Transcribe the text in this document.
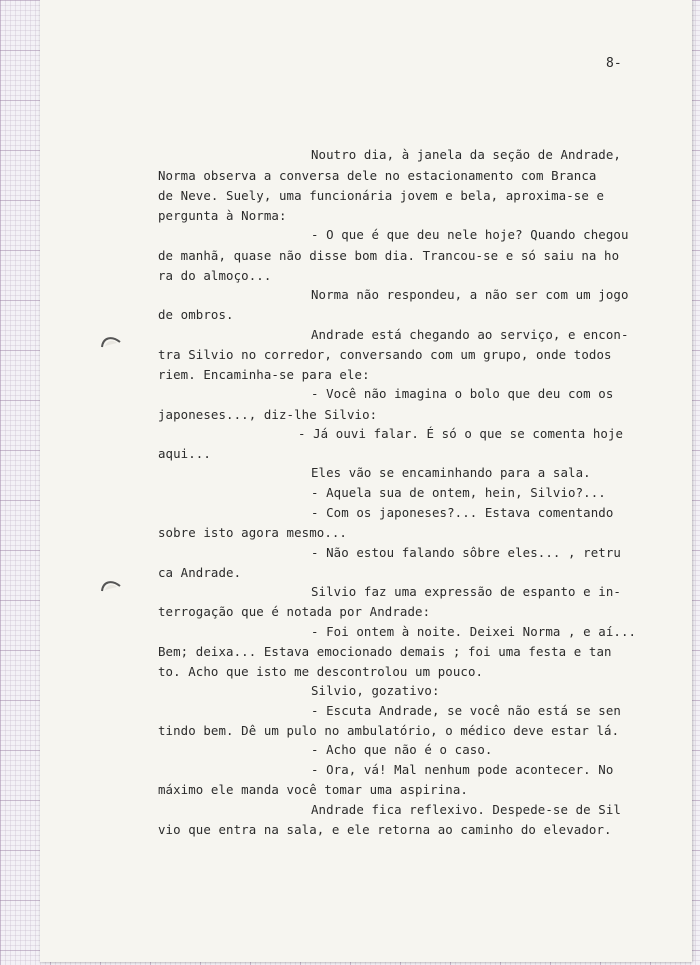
8-

Noutro dia, à janela da seção de Andrade,

Norma observa a conversa dele no estacionamento com Branca

de Neve. Suely, uma funcionária jovem e bela, aproxima-se e

pergunta à Norma:

- O que é que deu nele hoje? Quando chegou

de manhã, quase não disse bom dia. Trancou-se e só saiu na ho

ra do almoço...

Norma não respondeu, a não ser com um jogo

de ombros.

Andrade está chegando ao serviço, e encon-

tra Silvio no corredor, conversando com um grupo, onde todos

riem. Encaminha-se para ele:

- Você não imagina o bolo que deu com os

japoneses..., diz-lhe Silvio:

- Já ouvi falar. É só o que se comenta hoje

aqui...

Eles vão se encaminhando para a sala.

- Aquela sua de ontem, hein, Silvio?...

- Com os japoneses?... Estava comentando

sobre isto agora mesmo...

- Não estou falando sôbre eles... , retru

ca Andrade.

Silvio faz uma expressão de espanto e in-

terrogação que é notada por Andrade:

- Foi ontem à noite. Deixei Norma , e aí...

Bem; deixa... Estava emocionado demais ; foi uma festa e tan

to. Acho que isto me descontrolou um pouco.

Silvio, gozativo:

- Escuta Andrade, se você não está se sen

tindo bem. Dê um pulo no ambulatório, o médico deve estar lá.

- Acho que não é o caso.

- Ora, vá! Mal nenhum pode acontecer. No

máximo ele manda você tomar uma aspirina.

Andrade fica reflexivo. Despede-se de Sil

vio que entra na sala, e ele retorna ao caminho do elevador.
